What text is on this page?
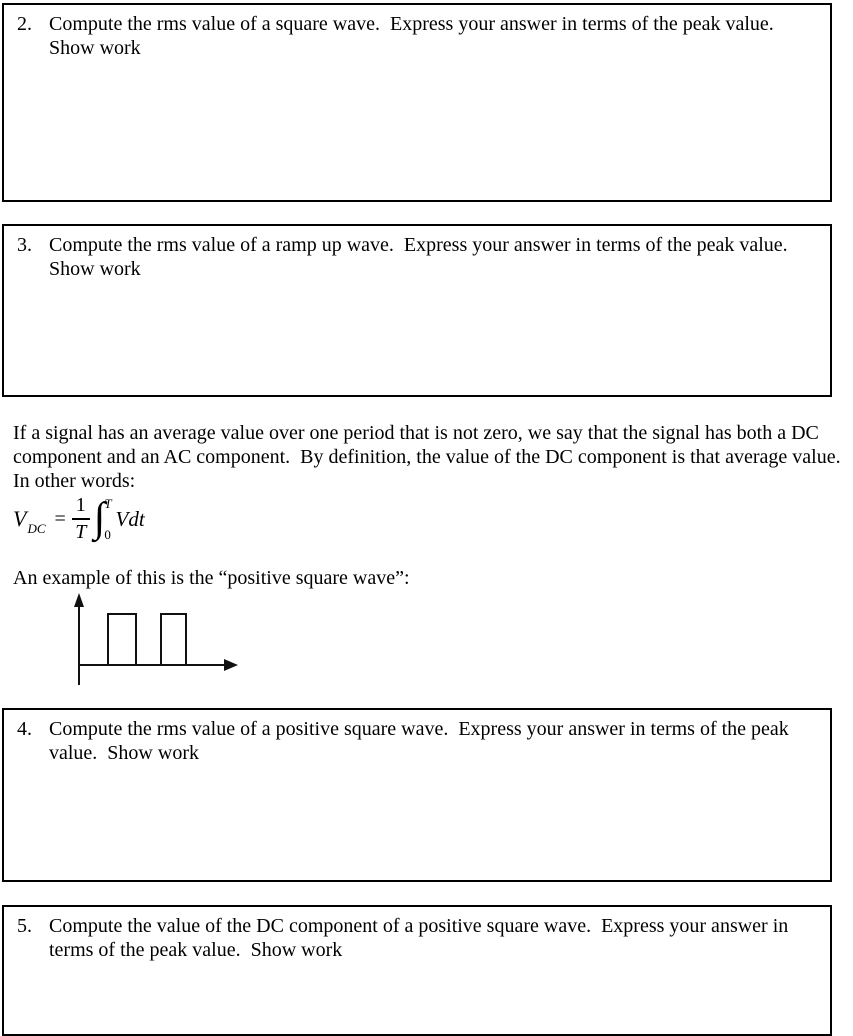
2. Compute the rms value of a square wave.  Express your answer in terms of the peak value.  Show work
3. Compute the rms value of a ramp up wave.  Express your answer in terms of the peak value.  Show work

If a signal has an average value over one period that is not zero, we say that the signal has both a DC component and an AC component.  By definition, the value of the DC component is that average value.  In other words:

$V_{DC} = \frac{1}{T}$ ∫ T
0
Vdt

An example of this is the “positive square wave”:

4. Compute the rms value of a positive square wave.  Express your answer in terms of the peak value.  Show work
5. Compute the value of the DC component of a positive square wave.  Express your answer in terms of the peak value.  Show work
